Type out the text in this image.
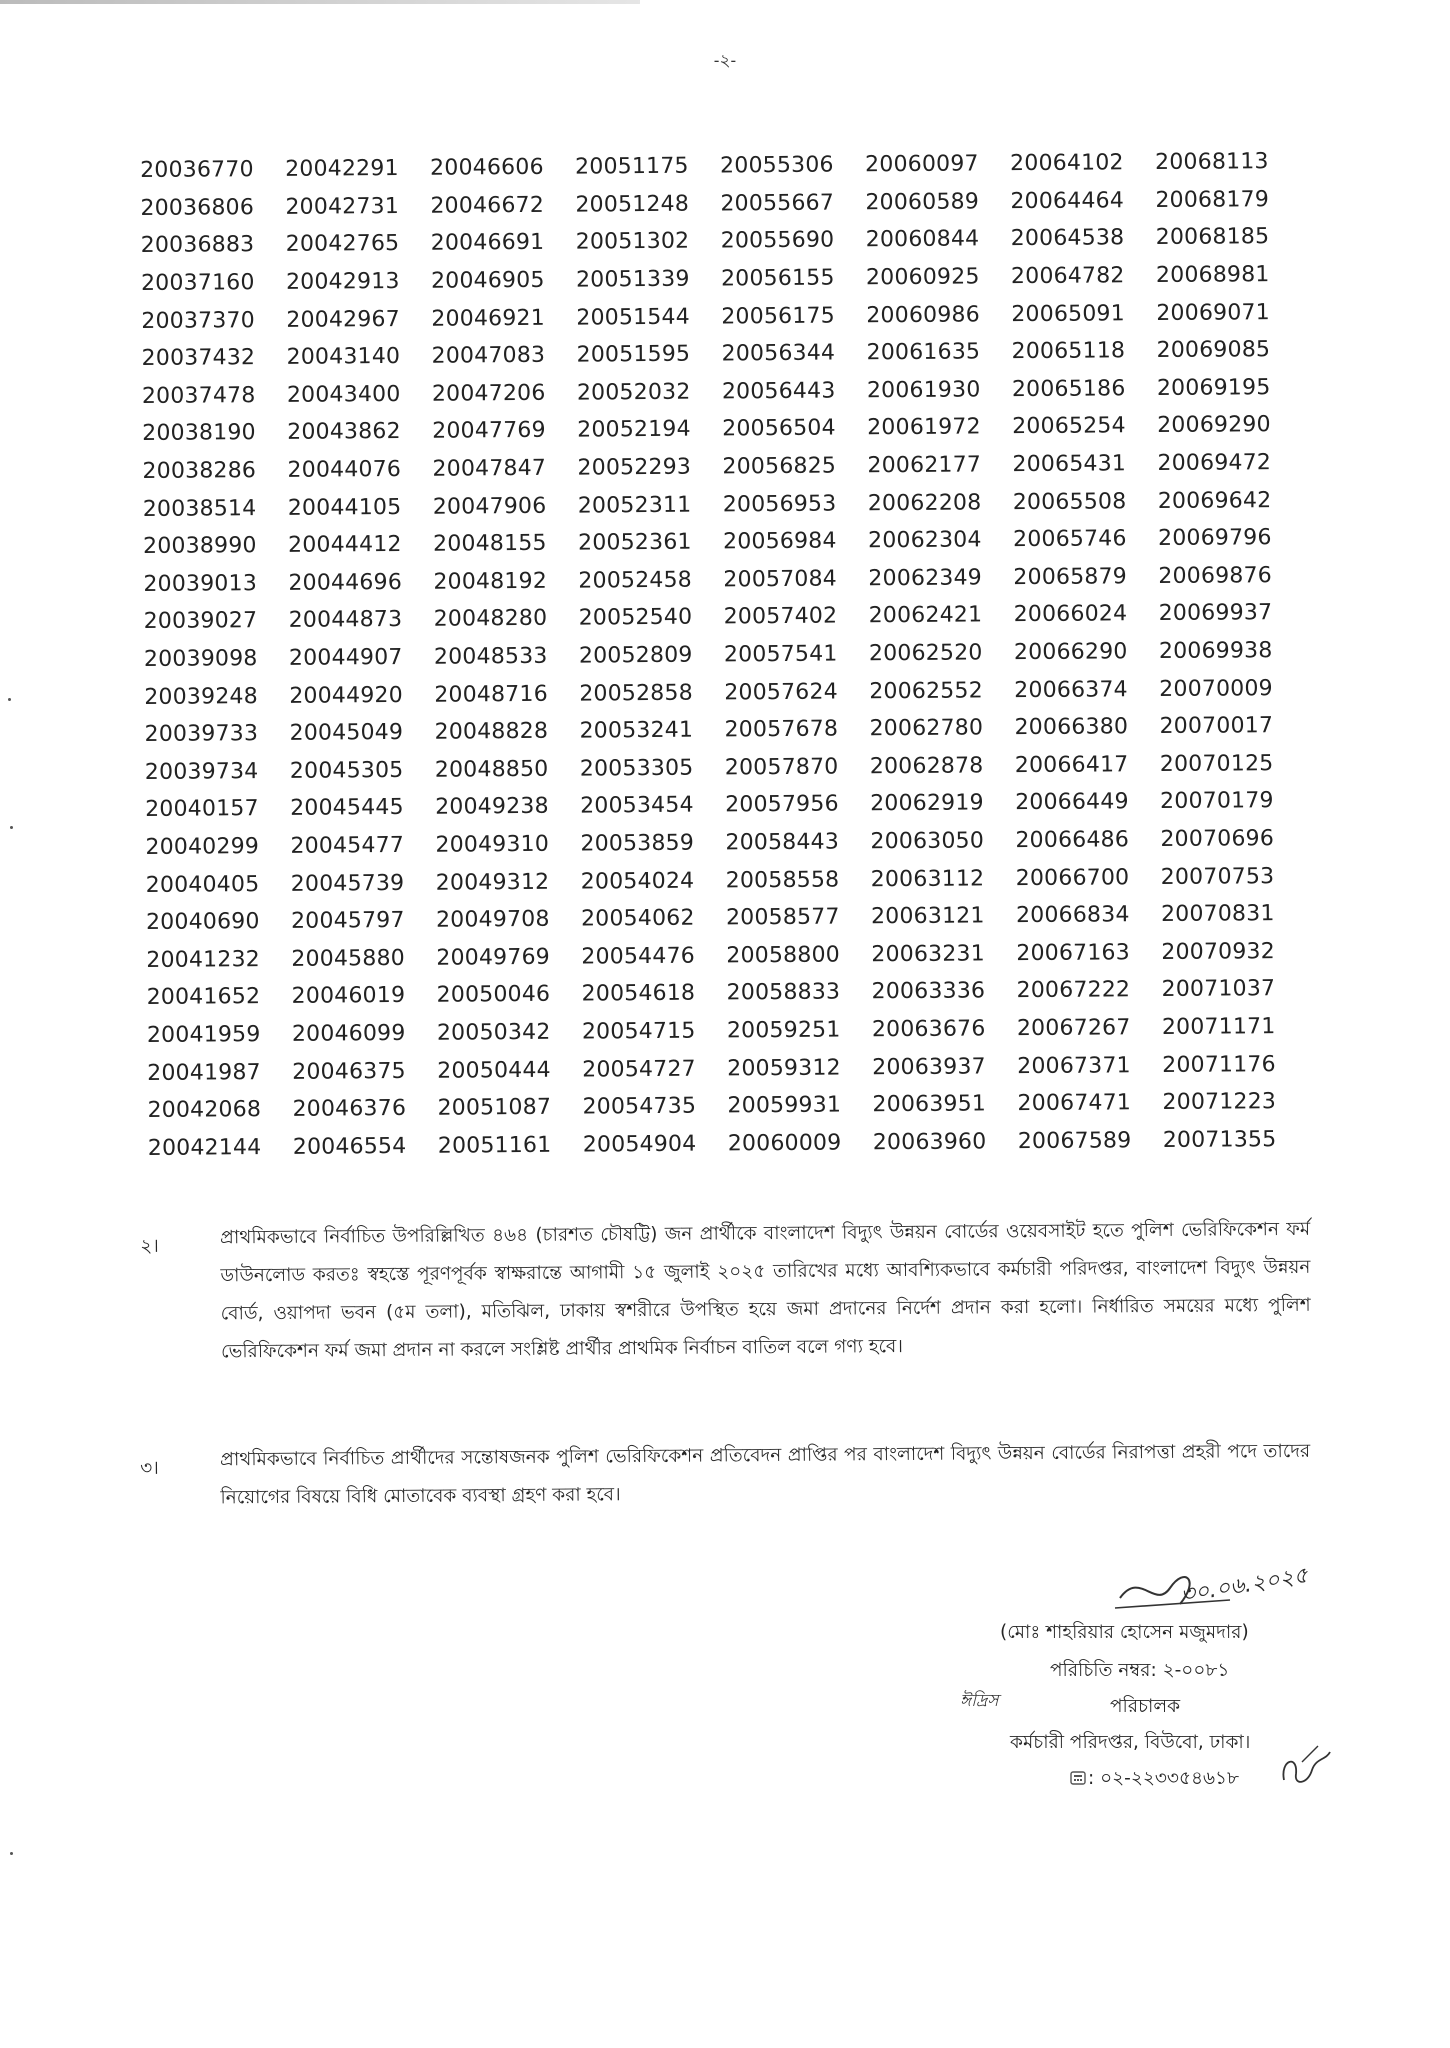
-২-
20036770	20042291	20046606	20051175	20055306	20060097	20064102	20068113
20036806	20042731	20046672	20051248	20055667	20060589	20064464	20068179
20036883	20042765	20046691	20051302	20055690	20060844	20064538	20068185
20037160	20042913	20046905	20051339	20056155	20060925	20064782	20068981
20037370	20042967	20046921	20051544	20056175	20060986	20065091	20069071
20037432	20043140	20047083	20051595	20056344	20061635	20065118	20069085
20037478	20043400	20047206	20052032	20056443	20061930	20065186	20069195
20038190	20043862	20047769	20052194	20056504	20061972	20065254	20069290
20038286	20044076	20047847	20052293	20056825	20062177	20065431	20069472
20038514	20044105	20047906	20052311	20056953	20062208	20065508	20069642
20038990	20044412	20048155	20052361	20056984	20062304	20065746	20069796
20039013	20044696	20048192	20052458	20057084	20062349	20065879	20069876
20039027	20044873	20048280	20052540	20057402	20062421	20066024	20069937
20039098	20044907	20048533	20052809	20057541	20062520	20066290	20069938
20039248	20044920	20048716	20052858	20057624	20062552	20066374	20070009
20039733	20045049	20048828	20053241	20057678	20062780	20066380	20070017
20039734	20045305	20048850	20053305	20057870	20062878	20066417	20070125
20040157	20045445	20049238	20053454	20057956	20062919	20066449	20070179
20040299	20045477	20049310	20053859	20058443	20063050	20066486	20070696
20040405	20045739	20049312	20054024	20058558	20063112	20066700	20070753
20040690	20045797	20049708	20054062	20058577	20063121	20066834	20070831
20041232	20045880	20049769	20054476	20058800	20063231	20067163	20070932
20041652	20046019	20050046	20054618	20058833	20063336	20067222	20071037
20041959	20046099	20050342	20054715	20059251	20063676	20067267	20071171
20041987	20046375	20050444	20054727	20059312	20063937	20067371	20071176
20042068	20046376	20051087	20054735	20059931	20063951	20067471	20071223
20042144	20046554	20051161	20054904	20060009	20063960	20067589	20071355
২।	প্রাথমিকভাবে নির্বাচিত উপরিল্লিখিত ৪৬৪ (চারশত চৌষট্টি) জন প্রার্থীকে বাংলাদেশ বিদ্যুৎ উন্নয়ন বোর্ডের ওয়েবসাইট হতে পুলিশ ভেরিফিকেশন ফর্ম ডাউনলোড করতঃ স্বহস্তে পূরণপূর্বক স্বাক্ষরান্তে আগামী ১৫ জুলাই ২০২৫ তারিখের মধ্যে আবশ্যিকভাবে কর্মচারী পরিদপ্তর, বাংলাদেশ বিদ্যুৎ উন্নয়ন বোর্ড, ওয়াপদা ভবন (৫ম তলা), মতিঝিল, ঢাকায় স্বশরীরে উপস্থিত হয়ে জমা প্রদানের নির্দেশ প্রদান করা হলো। নির্ধারিত সময়ের মধ্যে পুলিশ ভেরিফিকেশন ফর্ম জমা প্রদান না করলে সংশ্লিষ্ট প্রার্থীর প্রাথমিক নির্বাচন বাতিল বলে গণ্য হবে।
৩।	প্রাথমিকভাবে নির্বাচিত প্রার্থীদের সন্তোষজনক পুলিশ ভেরিফিকেশন প্রতিবেদন প্রাপ্তির পর বাংলাদেশ বিদ্যুৎ উন্নয়ন বোর্ডের নিরাপত্তা প্রহরী পদে তাদের নিয়োগের বিষয়ে বিধি মোতাবেক ব্যবস্থা গ্রহণ করা হবে।
৩০.০৬.২০২৫
(মোঃ শাহরিয়ার হোসেন মজুমদার)
পরিচিতি নম্বর: ২-০০৮১
ঈদ্রিস	পরিচালক
কর্মচারী পরিদপ্তর, বিউবো, ঢাকা।
: ০২-২২৩৩৫৪৬১৮
